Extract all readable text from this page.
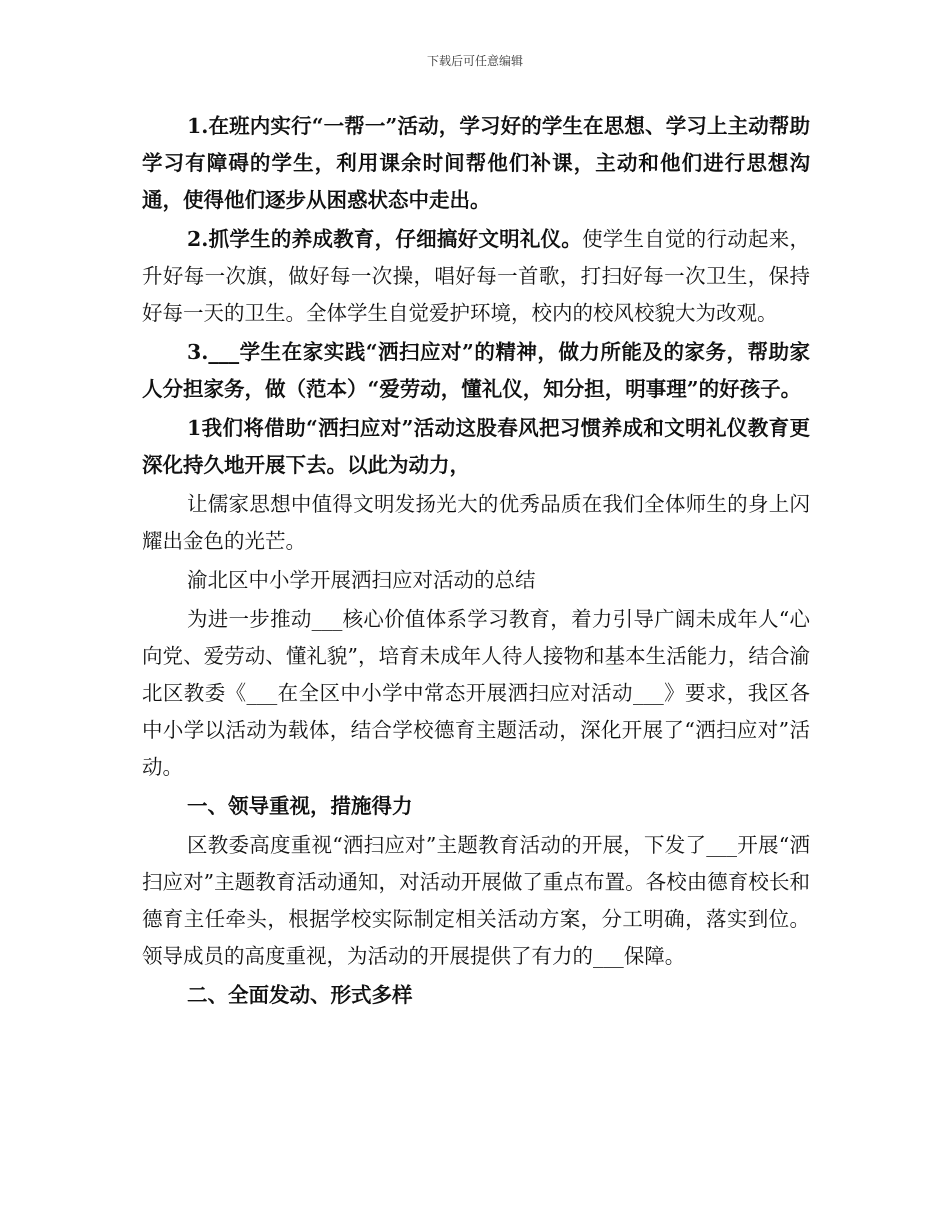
下载后可任意编辑

1.在班内实行“一帮一”活动，学习好的学生在思想、学习上主动帮助学习有障碍的学生，利用课余时间帮他们补课，主动和他们进行思想沟通，使得他们逐步从困惑状态中走出。

2.抓学生的养成教育，仔细搞好文明礼仪。使学生自觉的行动起来，升好每一次旗，做好每一次操，唱好每一首歌，打扫好每一次卫生，保持好每一天的卫生。全体学生自觉爱护环境，校内的校风校貌大为改观。

3.___学生在家实践“洒扫应对”的精神，做力所能及的家务，帮助家人分担家务，做（范本）“爱劳动，懂礼仪，知分担，明事理”的好孩子。

1我们将借助“洒扫应对”活动这股春风把习惯养成和文明礼仪教育更深化持久地开展下去。以此为动力，

让儒家思想中值得文明发扬光大的优秀品质在我们全体师生的身上闪耀出金色的光芒。

渝北区中小学开展洒扫应对活动的总结

为进一步推动___核心价值体系学习教育，着力引导广阔未成年人“心向党、爱劳动、懂礼貌”，培育未成年人待人接物和基本生活能力，结合渝北区教委《___在全区中小学中常态开展洒扫应对活动___》要求，我区各中小学以活动为载体，结合学校德育主题活动，深化开展了“洒扫应对”活动。

一、领导重视，措施得力

区教委高度重视“洒扫应对”主题教育活动的开展，下发了___开展“洒扫应对”主题教育活动通知，对活动开展做了重点布置。各校由德育校长和德育主任牵头，根据学校实际制定相关活动方案，分工明确，落实到位。领导成员的高度重视，为活动的开展提供了有力的___保障。

二、全面发动、形式多样
